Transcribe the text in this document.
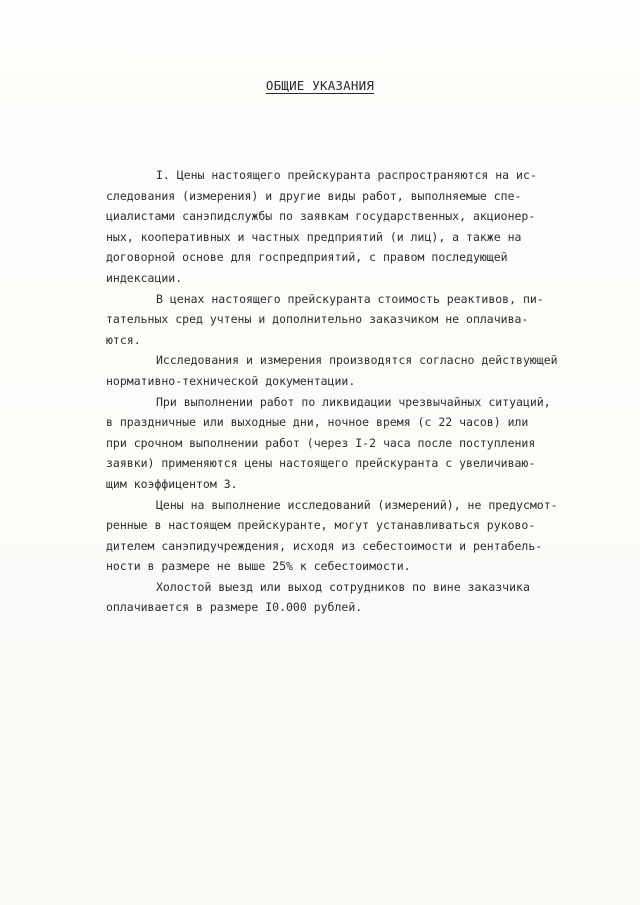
ОБЩИЕ УКАЗАНИЯ
I. Цены настоящего прейскуранта распространяются на ис-
следования (измерения) и другие виды работ, выполняемые спе-
циалистами санэпидслужбы по заявкам государственных, акционер-
ных, кооперативных и частных предприятий (и лиц), а также на
договорной основе для госпредприятий, с правом последующей
индексации.
В ценах настоящего прейскуранта стоимость реактивов, пи-
тательных сред учтены и дополнительно заказчиком не оплачива-
ются.
Исследования и измерения производятся согласно действующей
нормативно-технической документации.
При выполнении работ по ликвидации чрезвычайных ситуаций,
в праздничные или выходные дни, ночное время (с 22 часов) или
при срочном выполнении работ (через I-2 часа после поступления
заявки) применяются цены настоящего прейскуранта с увеличиваю-
щим коэффицентом 3.
Цены на выполнение исследований (измерений), не предусмот-
ренные в настоящем прейскуранте, могут устанавливаться руково-
дителем санэпидучреждения, исходя из себестоимости и рентабель-
ности в размере не выше 25% к себестоимости.
Холостой выезд или выход сотрудников по вине заказчика
оплачивается в размере I0.000 рублей.
